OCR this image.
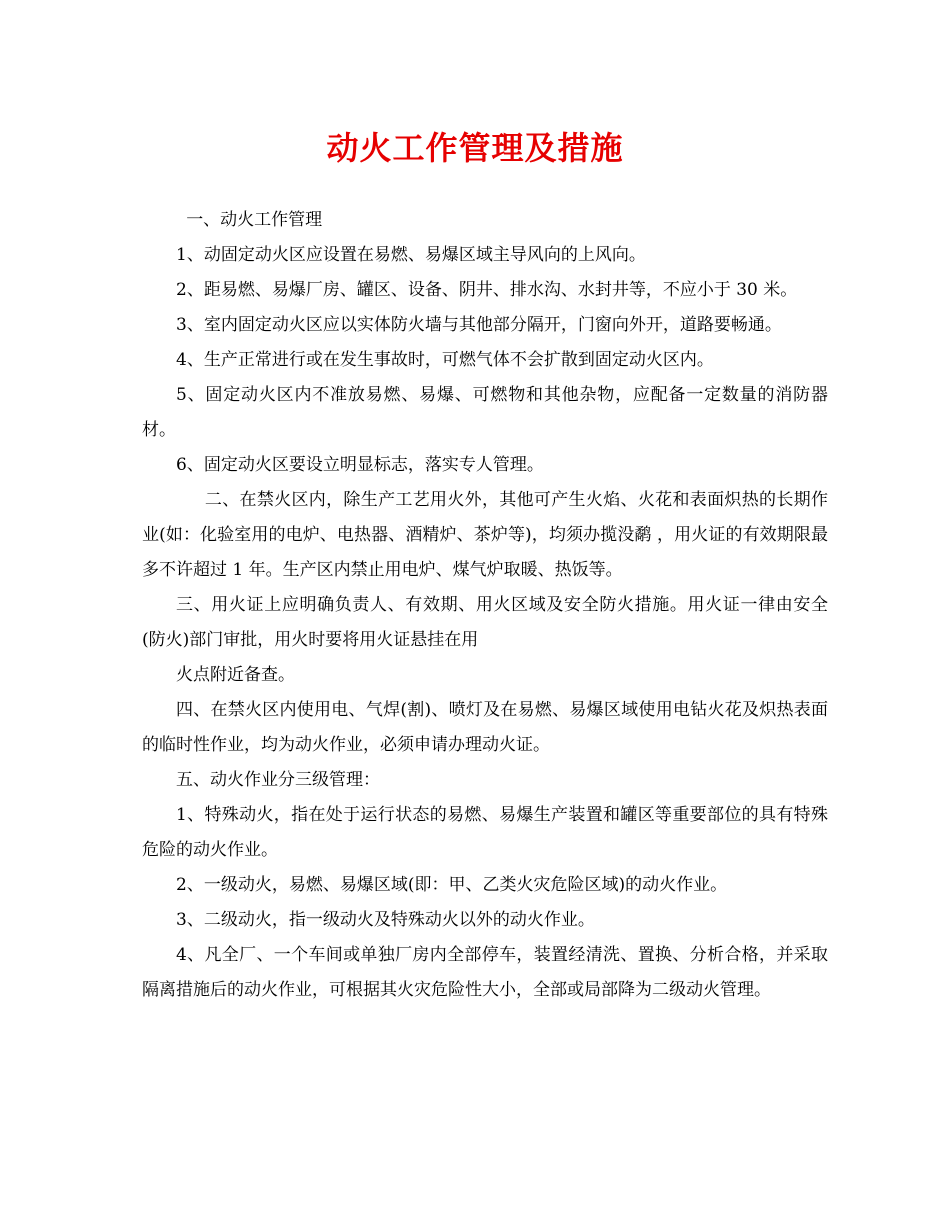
动火工作管理及措施

一、动火工作管理

1、动固定动火区应设置在易燃、易爆区域主导风向的上风向。

2、距易燃、易爆厂房、罐区、设备、阴井、排水沟、水封井等，不应小于 30 米。

3、室内固定动火区应以实体防火墙与其他部分隔开，门窗向外开，道路要畅通。

4、生产正常进行或在发生事故时，可燃气体不会扩散到固定动火区内。

5、固定动火区内不准放易燃、易爆、可燃物和其他杂物，应配备一定数量的消防器材。

6、固定动火区要设立明显标志，落实专人管理。

二、在禁火区内，除生产工艺用火外，其他可产生火焰、火花和表面炽热的长期作业(如：化验室用的电炉、电热器、酒精炉、茶炉等)，均须办揽没鹬 ，用火证的有效期限最多不许超过 1 年。生产区内禁止用电炉、煤气炉取暖、热饭等。

三、用火证上应明确负责人、有效期、用火区域及安全防火措施。用火证一律由安全(防火)部门审批，用火时要将用火证悬挂在用

火点附近备查。

四、在禁火区内使用电、气焊(割)、喷灯及在易燃、易爆区域使用电钻火花及炽热表面的临时性作业，均为动火作业，必须申请办理动火证。

五、动火作业分三级管理：

1、特殊动火，指在处于运行状态的易燃、易爆生产装置和罐区等重要部位的具有特殊危险的动火作业。

2、一级动火，易燃、易爆区域(即：甲、乙类火灾危险区域)的动火作业。

3、二级动火，指一级动火及特殊动火以外的动火作业。

4、凡全厂、一个车间或单独厂房内全部停车，装置经清洗、置换、分析合格，并采取隔离措施后的动火作业，可根据其火灾危险性大小，全部或局部降为二级动火管理。
